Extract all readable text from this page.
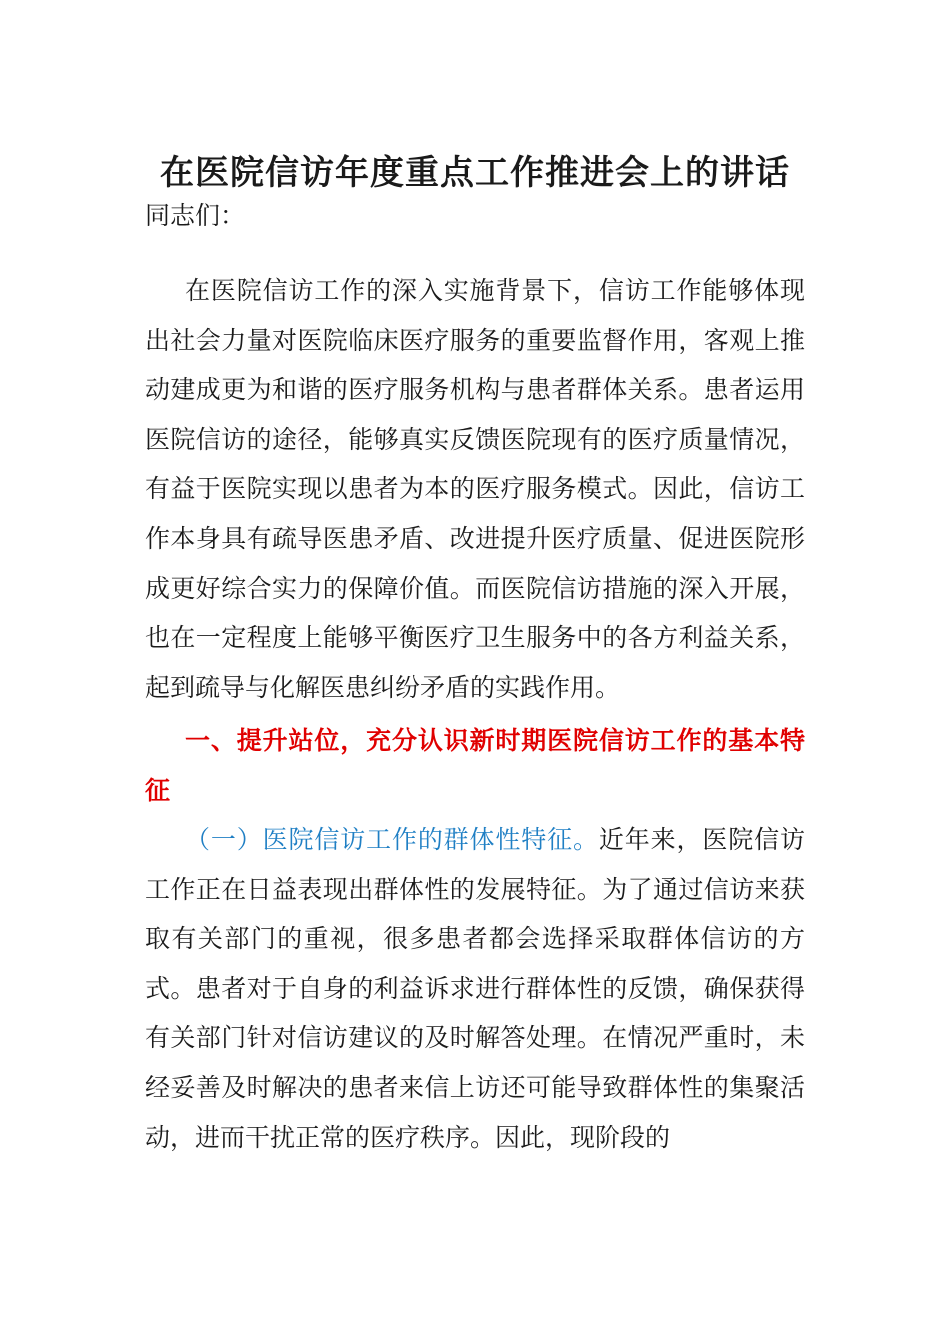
在医院信访年度重点工作推进会上的讲话
同志们：
在医院信访工作的深入实施背景下，信访工作能够体现出社会力量对医院临床医疗服务的重要监督作用，客观上推动建成更为和谐的医疗服务机构与患者群体关系。患者运用医院信访的途径，能够真实反馈医院现有的医疗质量情况，有益于医院实现以患者为本的医疗服务模式。因此，信访工作本身具有疏导医患矛盾、改进提升医疗质量、促进医院形成更好综合实力的保障价值。而医院信访措施的深入开展，也在一定程度上能够平衡医疗卫生服务中的各方利益关系，起到疏导与化解医患纠纷矛盾的实践作用。
一、提升站位，充分认识新时期医院信访工作的基本特征
（一）医院信访工作的群体性特征。近年来，医院信访工作正在日益表现出群体性的发展特征。为了通过信访来获取有关部门的重视，很多患者都会选择采取群体信访的方式。患者对于自身的利益诉求进行群体性的反馈，确保获得有关部门针对信访建议的及时解答处理。在情况严重时，未经妥善及时解决的患者来信上访还可能导致群体性的集聚活动，进而干扰正常的医疗秩序。因此，现阶段的
